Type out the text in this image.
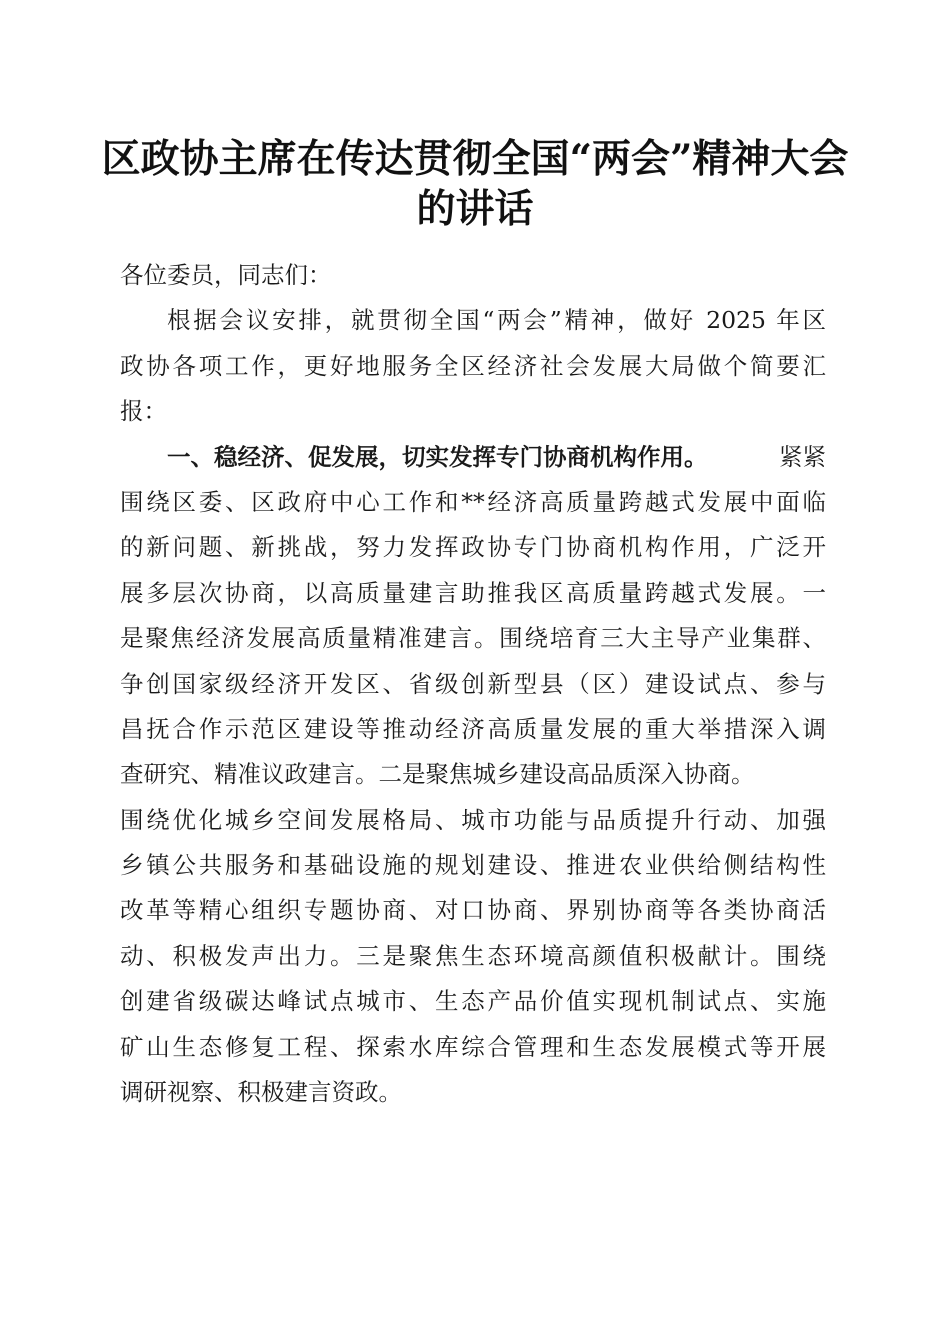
区政协主席在传达贯彻全国“两会”精神大会
的讲话
各位委员，同志们：
根据会议安排，就贯彻全国“两会”精神，做好 2025 年区
政协各项工作，更好地服务全区经济社会发展大局做个简要汇
报：
一、稳经济、促发展，切实发挥专门协商机构作用。	紧紧
围绕区委、区政府中心工作和**经济高质量跨越式发展中面临
的新问题、新挑战，努力发挥政协专门协商机构作用，广泛开
展多层次协商，以高质量建言助推我区高质量跨越式发展。一
是聚焦经济发展高质量精准建言。围绕培育三大主导产业集群、
争创国家级经济开发区、省级创新型县（区）建设试点、参与
昌抚合作示范区建设等推动经济高质量发展的重大举措深入调
查研究、精准议政建言。二是聚焦城乡建设高品质深入协商。
围绕优化城乡空间发展格局、城市功能与品质提升行动、加强
乡镇公共服务和基础设施的规划建设、推进农业供给侧结构性
改革等精心组织专题协商、对口协商、界别协商等各类协商活
动、积极发声出力。三是聚焦生态环境高颜值积极献计。围绕
创建省级碳达峰试点城市、生态产品价值实现机制试点、实施
矿山生态修复工程、探索水库综合管理和生态发展模式等开展
调研视察、积极建言资政。
